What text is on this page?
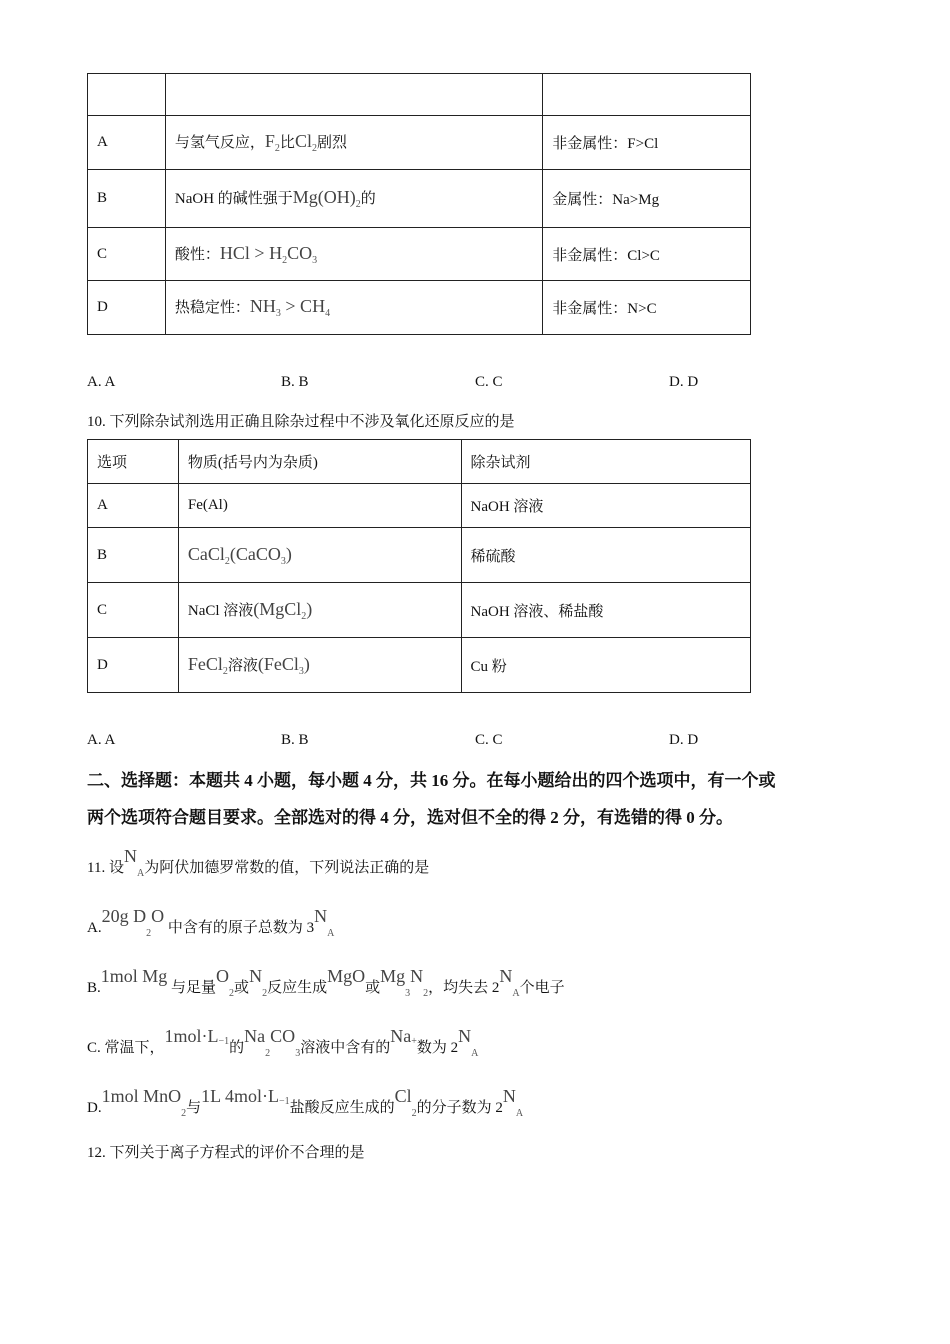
A	与氢气反应，$F_2$比$Cl_2$剧烈	非金属性：F>Cl
B	NaOH 的碱性强于$Mg(OH)_2$的	金属性：Na>Mg
C	酸性：HCl > $H_2CO_3$	非金属性：Cl>C
D	热稳定性：$NH_3 > CH_4$	非金属性：N>C
A. A	B. B	C. C	D. D
10. 下列除杂试剂选用正确且除杂过程中不涉及氧化还原反应的是
选项	物质(括号内为杂质)	除杂试剂
A	Fe(Al)	NaOH 溶液
B	CaCl$_2$(CaCO$_3$)	稀硫酸
C	NaCl 溶液(MgCl$_2$)	NaOH 溶液、稀盐酸
D	FeCl$_2$溶液(FeCl$_3$)	Cu 粉
A. A	B. B	C. C	D. D
二、选择题：本题共 4 小题，每小题 4 分，共 16 分。在每小题给出的四个选项中，有一个或
两个选项符合题目要求。全部选对的得 4 分，选对但不全的得 2 分，有选错的得 0 分。
11. 设$N_A$为阿伏加德罗常数的值，下列说法正确的是
A.20g $D_2O$ 中含有的原子总数为 $3N_A$
B.1mol Mg 与足量$O_2$或$N_2$反应生成MgO或$Mg_3N_2$，均失去 $2N_A$个电子
C. 常温下，$1mol\cdot L^{-1}$的$Na_2CO_3$溶液中含有的Na+数为 $2N_A$
D.1mol MnO$_2$与1L $4mol\cdot L^{-1}$盐酸反应生成的$Cl_2$的分子数为 $2N_A$
12. 下列关于离子方程式的评价不合理的是
